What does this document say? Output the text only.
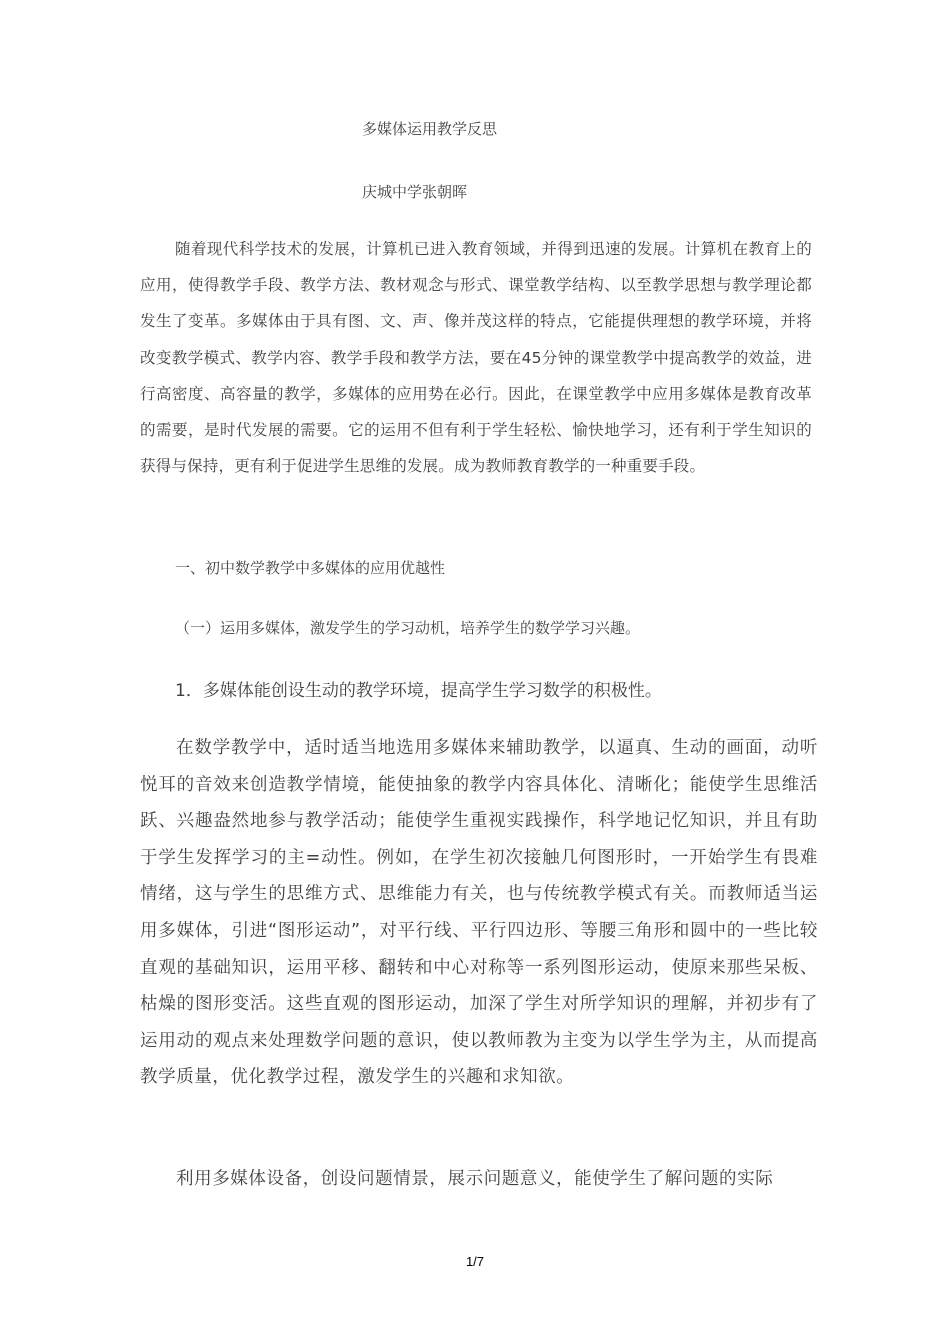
多媒体运用教学反思
庆城中学张朝晖
随着现代科学技术的发展，计算机已进入教育领域，并得到迅速的发展。计算机在教育上的应用，使得教学手段、教学方法、教材观念与形式、课堂教学结构、以至教学思想与教学理论都发生了变革。多媒体由于具有图、文、声、像并茂这样的特点，它能提供理想的教学环境，并将改变教学模式、教学内容、教学手段和教学方法，要在45分钟的课堂教学中提高教学的效益，进行高密度、高容量的教学，多媒体的应用势在必行。因此，在课堂教学中应用多媒体是教育改革的需要，是时代发展的需要。它的运用不但有利于学生轻松、愉快地学习，还有利于学生知识的获得与保持，更有利于促进学生思维的发展。成为教师教育教学的一种重要手段。
一、初中数学教学中多媒体的应用优越性
（一）运用多媒体，激发学生的学习动机，培养学生的数学学习兴趣。
1．多媒体能创设生动的教学环境，提高学生学习数学的积极性。
在数学教学中，适时适当地选用多媒体来辅助教学，以逼真、生动的画面，动听悦耳的音效来创造教学情境，能使抽象的教学内容具体化、清晰化；能使学生思维活跃、兴趣盎然地参与教学活动；能使学生重视实践操作，科学地记忆知识，并且有助于学生发挥学习的主=动性。例如，在学生初次接触几何图形时，一开始学生有畏难情绪，这与学生的思维方式、思维能力有关，也与传统教学模式有关。而教师适当运用多媒体，引进“图形运动”，对平行线、平行四边形、等腰三角形和圆中的一些比较直观的基础知识，运用平移、翻转和中心对称等一系列图形运动，使原来那些呆板、枯燥的图形变活。这些直观的图形运动，加深了学生对所学知识的理解，并初步有了运用动的观点来处理数学问题的意识，使以教师教为主变为以学生学为主，从而提高教学质量，优化教学过程，激发学生的兴趣和求知欲。
利用多媒体设备，创设问题情景，展示问题意义，能使学生了解问题的实际
1/7
